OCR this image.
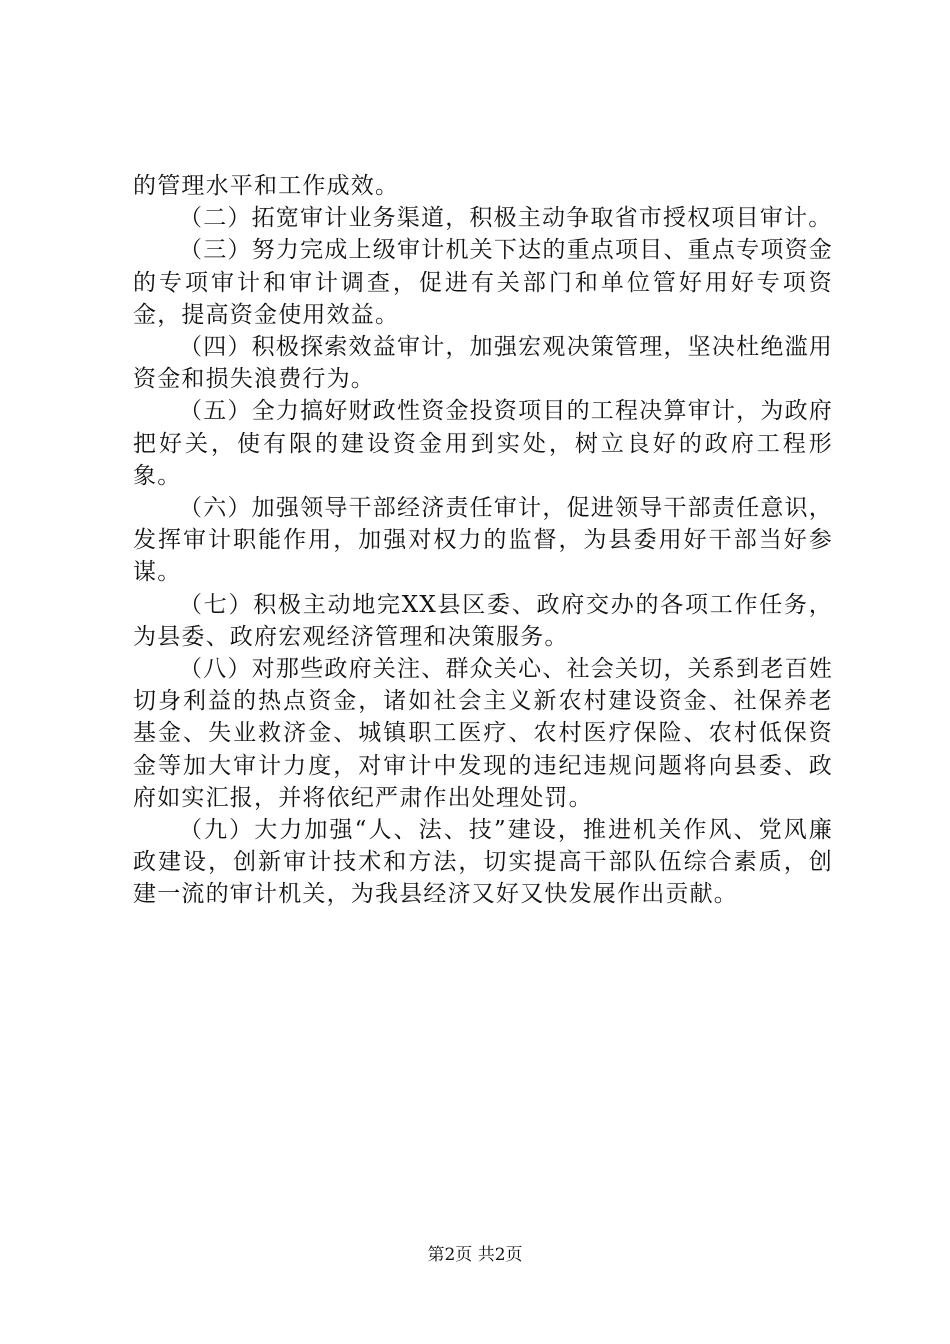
的管理水平和工作成效。

（二）拓宽审计业务渠道，积极主动争取省市授权项目审计。

（三）努力完成上级审计机关下达的重点项目、重点专项资金的专项审计和审计调查，促进有关部门和单位管好用好专项资金，提高资金使用效益。

（四）积极探索效益审计，加强宏观决策管理，坚决杜绝滥用资金和损失浪费行为。

（五）全力搞好财政性资金投资项目的工程决算审计，为政府把好关，使有限的建设资金用到实处，树立良好的政府工程形象。

（六）加强领导干部经济责任审计，促进领导干部责任意识，发挥审计职能作用，加强对权力的监督，为县委用好干部当好参谋。

（七）积极主动地完XX县区委、政府交办的各项工作任务，为县委、政府宏观经济管理和决策服务。

（八）对那些政府关注、群众关心、社会关切，关系到老百姓切身利益的热点资金，诸如社会主义新农村建设资金、社保养老基金、失业救济金、城镇职工医疗、农村医疗保险、农村低保资金等加大审计力度，对审计中发现的违纪违规问题将向县委、政府如实汇报，并将依纪严肃作出处理处罚。

（九）大力加强“人、法、技”建设，推进机关作风、党风廉政建设，创新审计技术和方法，切实提高干部队伍综合素质，创建一流的审计机关，为我县经济又好又快发展作出贡献。

第2页 共2页
